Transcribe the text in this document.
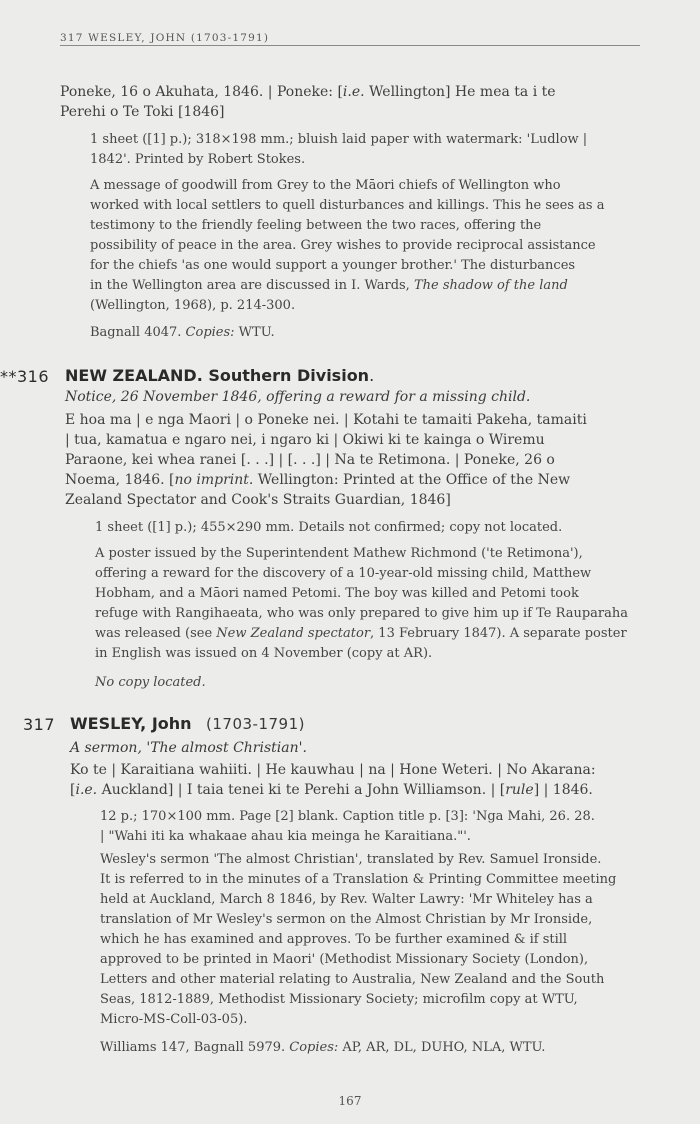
317 WESLEY, JOHN (1703-1791)
Poneke, 16 o Akuhata, 1846. | Poneke: [i.e. Wellington] He mea ta i te
Perehi o Te Toki [1846]
1 sheet ([1] p.); 318×198 mm.; bluish laid paper with watermark: 'Ludlow |
1842'. Printed by Robert Stokes.
A message of goodwill from Grey to the Māori chiefs of Wellington who
worked with local settlers to quell disturbances and killings. This he sees as a
testimony to the friendly feeling between the two races, offering the
possibility of peace in the area. Grey wishes to provide reciprocal assistance
for the chiefs 'as one would support a younger brother.' The disturbances
in the Wellington area are discussed in I. Wards, The shadow of the land
(Wellington, 1968), p. 214-300.
Bagnall 4047. Copies: WTU.
**316 NEW ZEALAND. Southern Division.
Notice, 26 November 1846, offering a reward for a missing child.
E hoa ma | e nga Maori | o Poneke nei. | Kotahi te tamaiti Pakeha, tamaiti
| tua, kamatua e ngaro nei, i ngaro ki | Okiwi ki te kainga o Wiremu
Paraone, kei whea ranei [. . .] | [. . .] | Na te Retimona. | Poneke, 26 o
Noema, 1846. [no imprint. Wellington: Printed at the Office of the New
Zealand Spectator and Cook's Straits Guardian, 1846]
1 sheet ([1] p.); 455×290 mm. Details not confirmed; copy not located.
A poster issued by the Superintendent Mathew Richmond ('te Retimona'),
offering a reward for the discovery of a 10-year-old missing child, Matthew
Hobham, and a Māori named Petomi. The boy was killed and Petomi took
refuge with Rangihaeata, who was only prepared to give him up if Te Rauparaha
was released (see New Zealand spectator, 13 February 1847). A separate poster
in English was issued on 4 November (copy at AR).
No copy located.
317 WESLEY, John (1703-1791)
A sermon, 'The almost Christian'.
Ko te | Karaitiana wahiiti. | He kauwhau | na | Hone Weteri. | No Akarana:
[i.e. Auckland] | I taia tenei ki te Perehi a John Williamson. | [rule] | 1846.
12 p.; 170×100 mm. Page [2] blank. Caption title p. [3]: 'Nga Mahi, 26. 28.
| "Wahi iti ka whakaae ahau kia meinga he Karaitiana."'.
Wesley's sermon 'The almost Christian', translated by Rev. Samuel Ironside.
It is referred to in the minutes of a Translation & Printing Committee meeting
held at Auckland, March 8 1846, by Rev. Walter Lawry: 'Mr Whiteley has a
translation of Mr Wesley's sermon on the Almost Christian by Mr Ironside,
which he has examined and approves. To be further examined & if still
approved to be printed in Maori' (Methodist Missionary Society (London),
Letters and other material relating to Australia, New Zealand and the South
Seas, 1812-1889, Methodist Missionary Society; microfilm copy at WTU,
Micro-MS-Coll-03-05).
Williams 147, Bagnall 5979. Copies: AP, AR, DL, DUHO, NLA, WTU.
167
